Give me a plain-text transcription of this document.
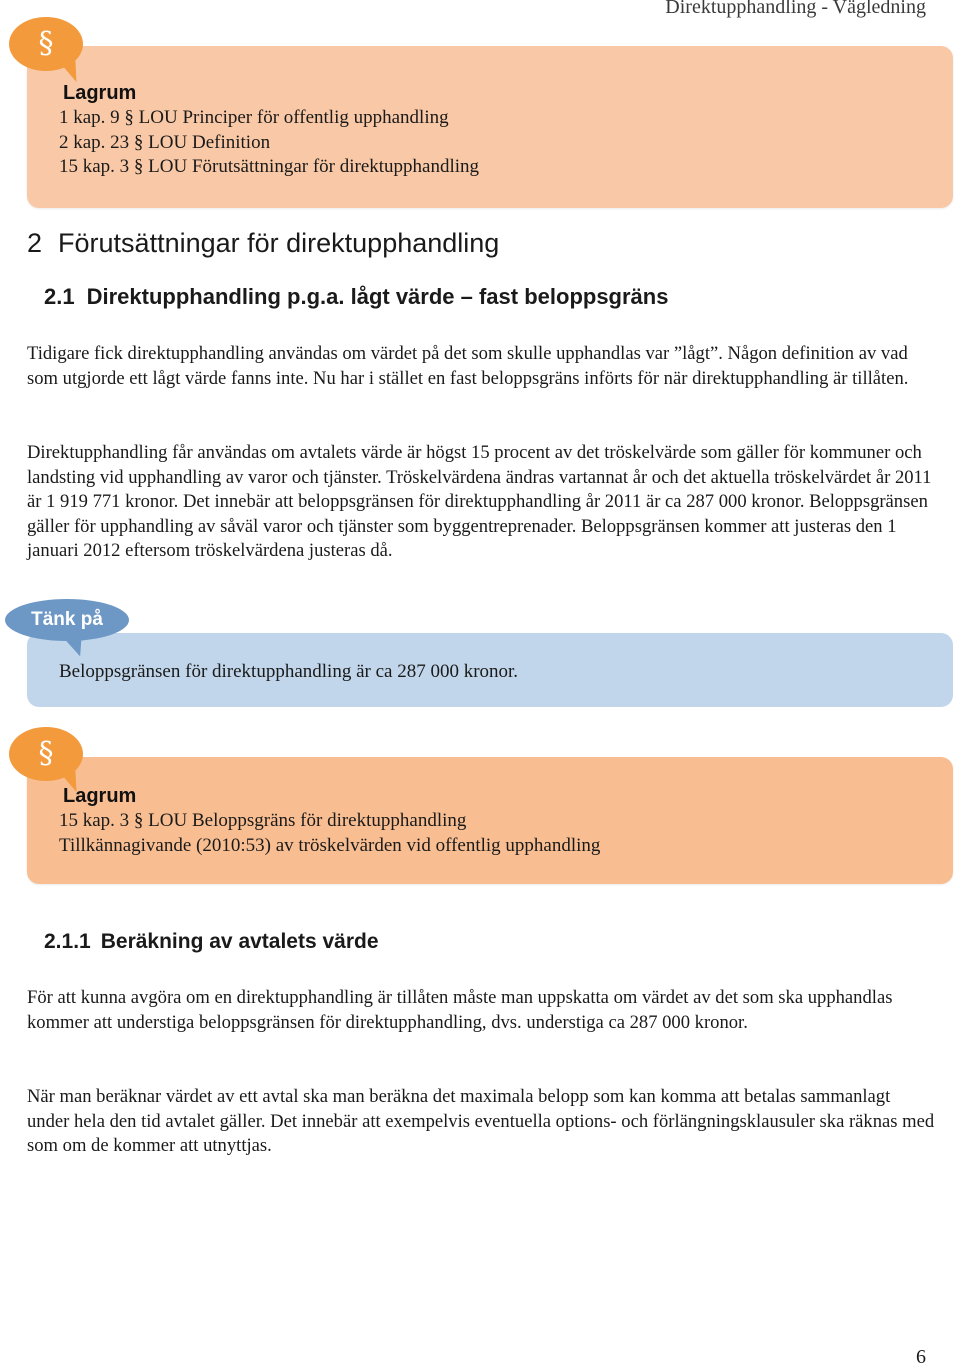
Direktupphandling - Vägledning
§
Lagrum
1 kap. 9 § LOU Principer för offentlig upphandling
2 kap. 23 § LOU Definition
15 kap. 3 § LOU Förutsättningar för direktupphandling
2 Förutsättningar för direktupphandling
2.1 Direktupphandling p.g.a. lågt värde – fast beloppsgräns

Tidigare fick direktupphandling användas om värdet på det som skulle upphandlas var ”lågt”. Någon definition av vad som utgjorde ett lågt värde fanns inte. Nu har i stället en fast beloppsgräns införts för när direktupphandling är tillåten.

Direktupphandling får användas om avtalets värde är högst 15 procent av det tröskelvärde som gäller för kommuner och landsting vid upphandling av varor och tjänster. Tröskelvärdena ändras vartannat år och det aktuella tröskelvärdet år 2011 är 1 919 771 kronor. Det innebär att beloppsgränsen för direktupphandling år 2011 är ca 287 000 kronor. Beloppsgränsen gäller för upphandling av såväl varor och tjänster som byggentreprenader. Beloppsgränsen kommer att justeras den 1 januari 2012 eftersom tröskelvärdena justeras då.

Tänk på
Beloppsgränsen för direktupphandling är ca 287 000 kronor.
§
Lagrum
15 kap. 3 § LOU Beloppsgräns för direktupphandling
Tillkännagivande (2010:53) av tröskelvärden vid offentlig upphandling
2.1.1 Beräkning av avtalets värde

För att kunna avgöra om en direktupphandling är tillåten måste man uppskatta om värdet av det som ska upphandlas kommer att understiga beloppsgränsen för direktupphandling, dvs. understiga ca 287 000 kronor.

När man beräknar värdet av ett avtal ska man beräkna det maximala belopp som kan komma att betalas sammanlagt under hela den tid avtalet gäller. Det innebär att exempelvis eventuella options- och förlängningsklausuler ska räknas med som om de kommer att utnyttjas.

6
